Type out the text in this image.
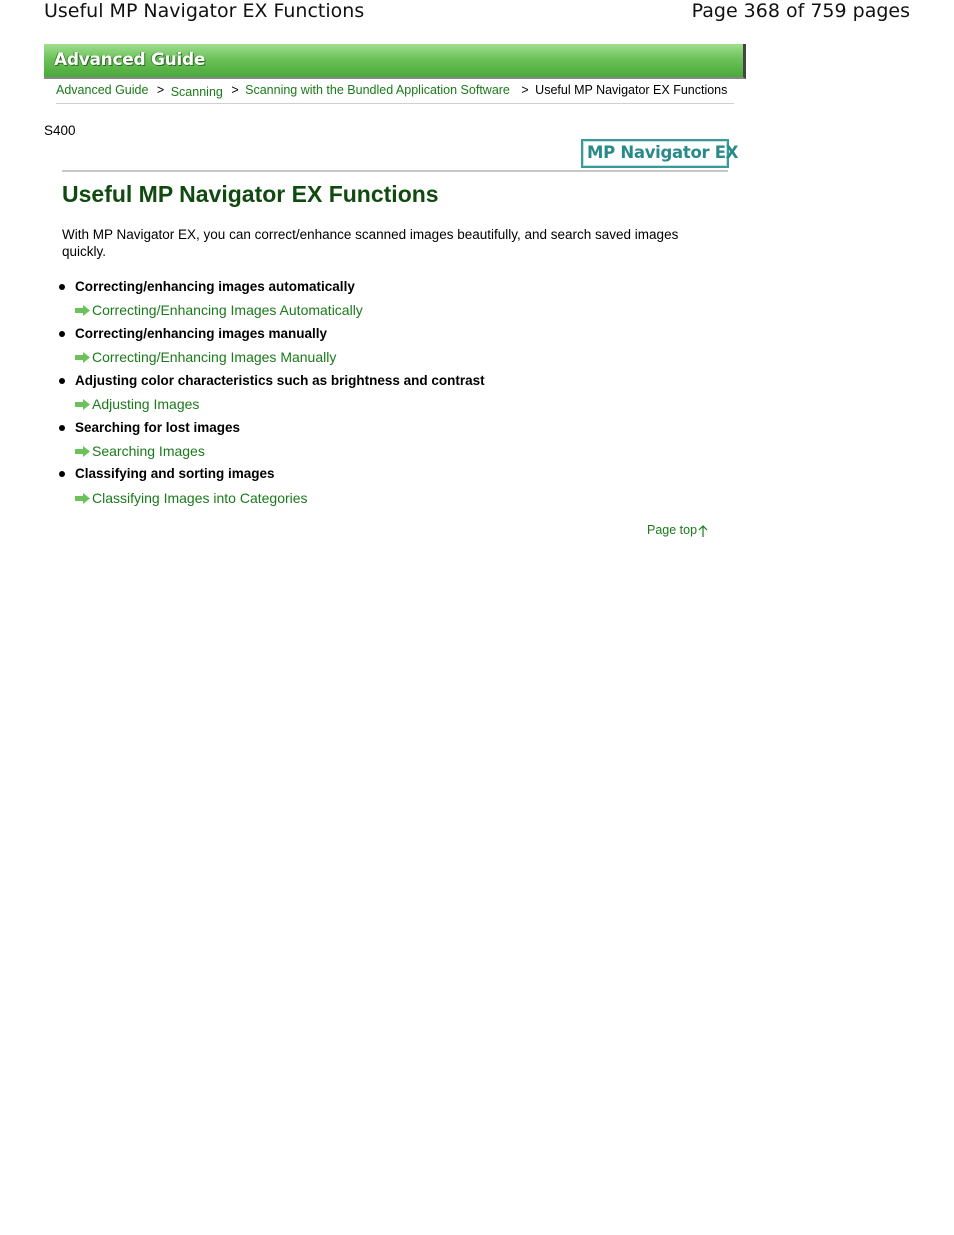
Useful MP Navigator EX Functions	Page 368 of 759 pages
Advanced Guide
Advanced Guide > Scanning > Scanning with the Bundled Application Software > Useful MP Navigator EX Functions
S400
MP Navigator EX
Useful MP Navigator EX Functions
With MP Navigator EX, you can correct/enhance scanned images beautifully, and search saved images quickly.
Correcting/enhancing images automatically
Correcting/Enhancing Images Automatically
Correcting/enhancing images manually
Correcting/Enhancing Images Manually
Adjusting color characteristics such as brightness and contrast
Adjusting Images
Searching for lost images
Searching Images
Classifying and sorting images
Classifying Images into Categories
Page top
